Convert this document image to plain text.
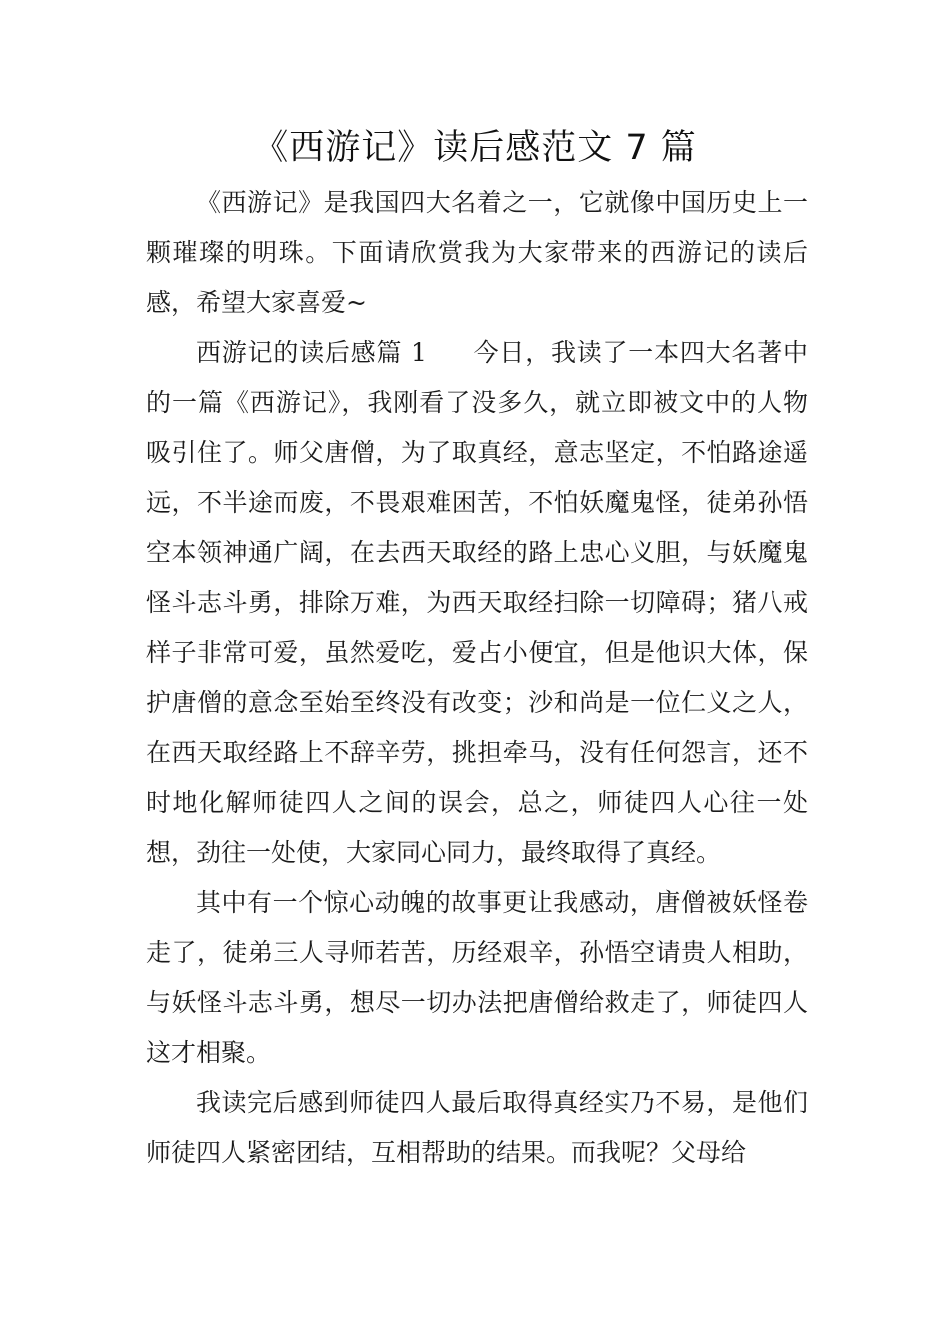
《西游记》读后感范文 7 篇

《西游记》是我国四大名着之一，它就像中国历史上一颗璀璨的明珠。下面请欣赏我为大家带来的西游记的读后感，希望大家喜爱~

西游记的读后感篇 1 今日，我读了一本四大名著中的一篇《西游记》，我刚看了没多久，就立即被文中的人物吸引住了。师父唐僧，为了取真经，意志坚定，不怕路途遥远，不半途而废，不畏艰难困苦，不怕妖魔鬼怪，徒弟孙悟空本领神通广阔，在去西天取经的路上忠心义胆，与妖魔鬼怪斗志斗勇，排除万难，为西天取经扫除一切障碍；猪八戒样子非常可爱，虽然爱吃，爱占小便宜，但是他识大体，保护唐僧的意念至始至终没有改变；沙和尚是一位仁义之人，在西天取经路上不辞辛劳，挑担牵马，没有任何怨言，还不时地化解师徒四人之间的误会，总之，师徒四人心往一处想，劲往一处使，大家同心同力，最终取得了真经。

其中有一个惊心动魄的故事更让我感动，唐僧被妖怪卷走了，徒弟三人寻师若苦，历经艰辛，孙悟空请贵人相助，与妖怪斗志斗勇，想尽一切办法把唐僧给救走了，师徒四人这才相聚。

我读完后感到师徒四人最后取得真经实乃不易，是他们师徒四人紧密团结，互相帮助的结果。而我呢？父母给
